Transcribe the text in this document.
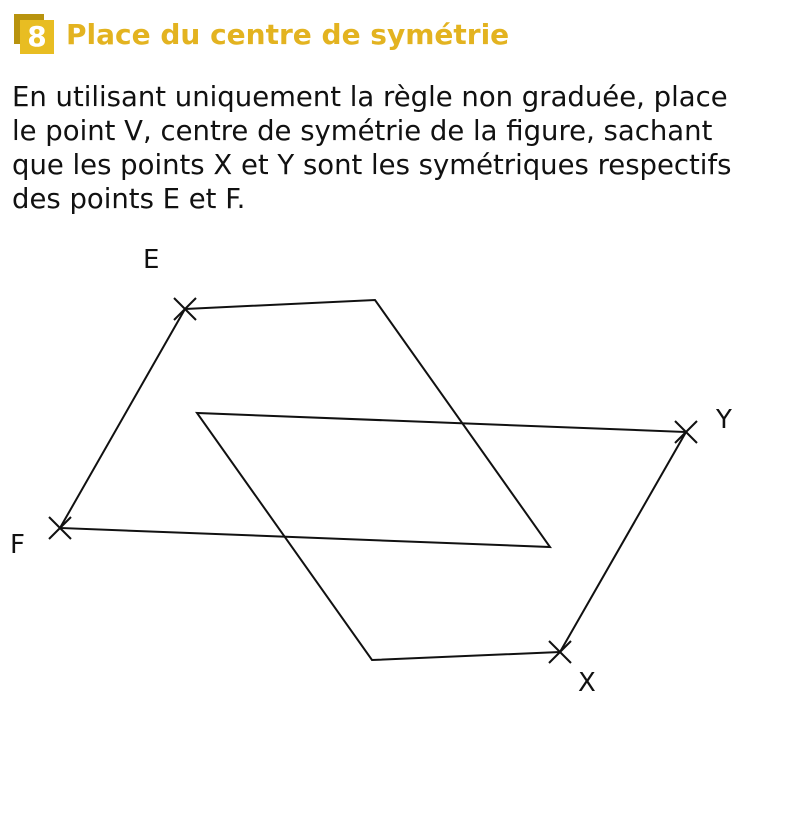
8 Place du centre de symétrie
En utilisant uniquement la règle non graduée, place
le point V, centre de symétrie de la figure, sachant
que les points X et Y sont les symétriques respectifs
des points E et F.
E
F
Y
X
